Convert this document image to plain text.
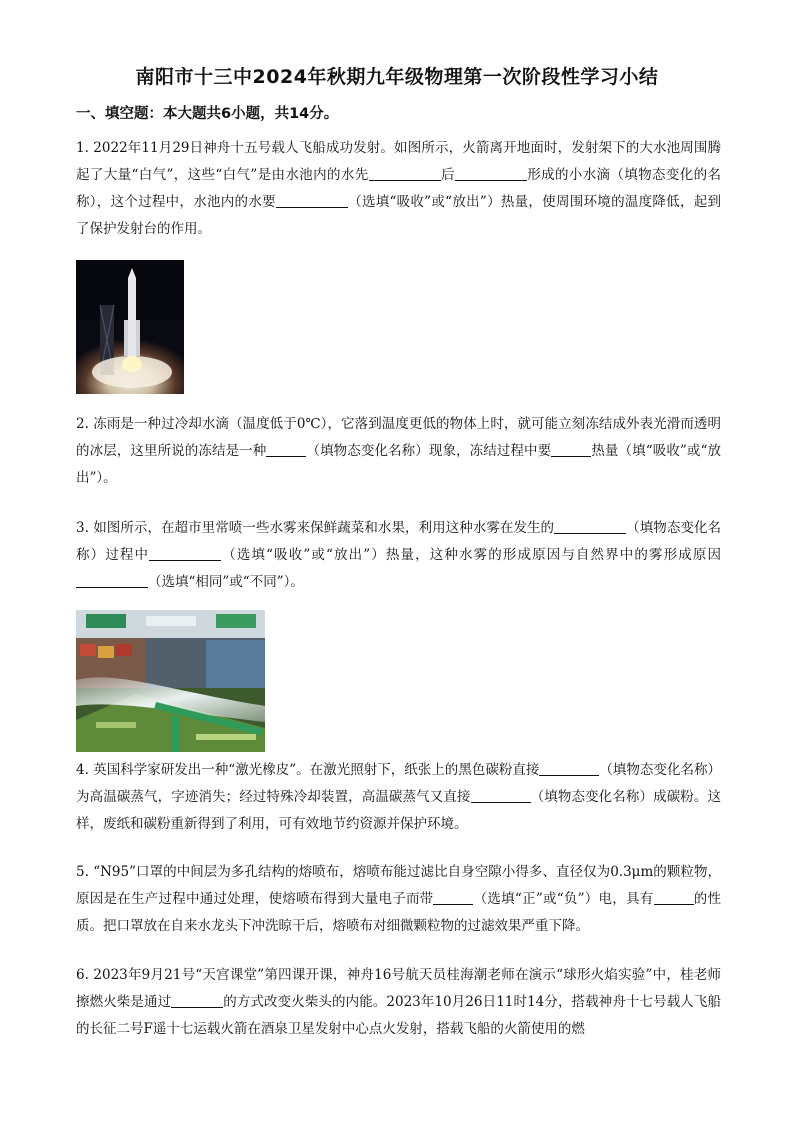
南阳市十三中2024年秋期九年级物理第一次阶段性学习小结
一、填空题：本大题共6小题，共14分。
1. 2022年11月29日神舟十五号载人飞船成功发射。如图所示，火箭离开地面时，发射架下的大水池周围腾起了大量“白气”，这些“白气”是由水池内的水先	后	形成的小水滴（填物态变化的名称），这个过程中，水池内的水要	（选填“吸收”或“放出”）热量，使周围环境的温度降低，起到了保护发射台的作用。
2. 冻雨是一种过冷却水滴（温度低于0℃），它落到温度更低的物体上时，就可能立刻冻结成外表光滑而透明的冰层，这里所说的冻结是一种	（填物态变化名称）现象，冻结过程中要	热量（填“吸收”或“放出”）。
3. 如图所示，在超市里常喷一些水雾来保鲜蔬菜和水果，利用这种水雾在发生的	（填物态变化名称）过程中	（选填“吸收”或“放出”）热量，这种水雾的形成原因与自然界中的雾形成原因（选填“相同”或“不同”）。
4. 英国科学家研发出一种“激光橡皮”。在激光照射下，纸张上的黑色碳粉直接	（填物态变化名称）为高温碳蒸气，字迹消失；经过特殊冷却装置，高温碳蒸气又直接	（填物态变化名称）成碳粉。这样，废纸和碳粉重新得到了利用，可有效地节约资源并保护环境。
5. “N95”口罩的中间层为多孔结构的熔喷布，熔喷布能过滤比自身空隙小得多、直径仅为0.3μm的颗粒物，原因是在生产过程中通过处理，使熔喷布得到大量电子而带	（选填“正”或“负”）电，具有	的性质。把口罩放在自来水龙头下冲洗晾干后，熔喷布对细微颗粒物的过滤效果严重下降。
6. 2023年9月21号“天宫课堂”第四课开课，神舟16号航天员桂海潮老师在演示“球形火焰实验”中，桂老师擦燃火柴是通过	的方式改变火柴头的内能。2023年10月26日11时14分，搭载神舟十七号载人飞船的长征二号F遥十七运载火箭在酒泉卫星发射中心点火发射，搭载飞船的火箭使用的燃
